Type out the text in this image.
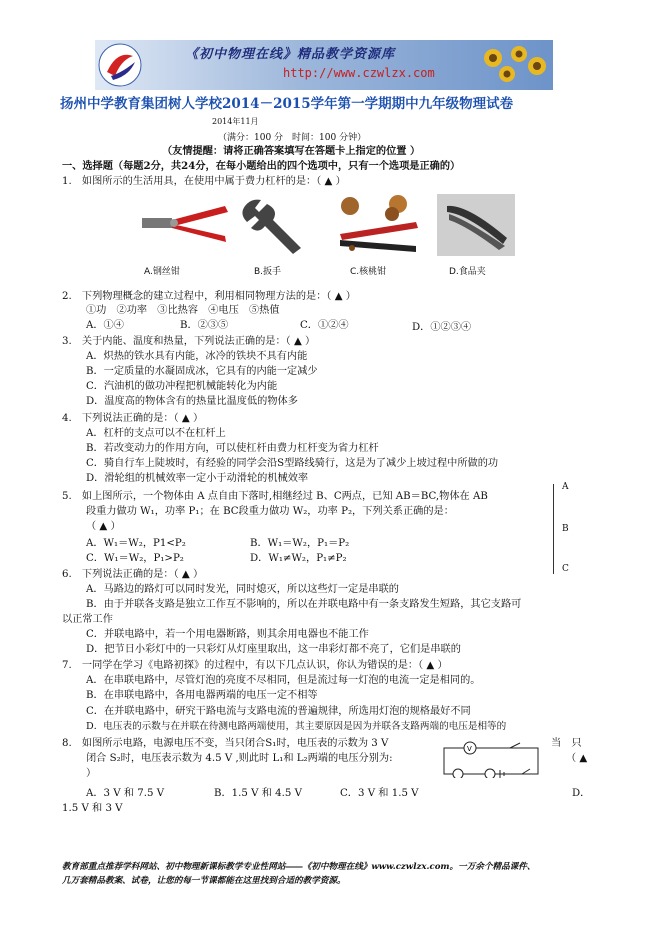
《初中物理在线》精品教学资源库
http://www.czwlzx.com
扬州中学教育集团树人学校2014－2015学年第一学期期中九年级物理试卷
2014年11月
（满分：100 分　时间：100 分钟）
（友情提醒：请将正确答案填写在答题卡上指定的位置 ）
一、选择题（每题2分，共24分，在每小题给出的四个选项中，只有一个选项是正确的）
1.　如图所示的生活用具，在使用中属于费力杠杆的是：（ ▲ ）
A.钢丝钳	B.扳手	C.核桃钳	D.食品夹
2.　下列物理概念的建立过程中，利用相同物理方法的是：（ ▲ ）
①功　②功率　③比热容　④电压　⑤热值
A．①④	B．②③⑤	C．①②④	D．①②③④
3.　关于内能、温度和热量，下列说法正确的是：（ ▲ ）
A．炽热的铁水具有内能，冰冷的铁块不具有内能
B．一定质量的水凝固成冰，它具有的内能一定减少
C．汽油机的做功冲程把机械能转化为内能
D．温度高的物体含有的热量比温度低的物体多
4.　下列说法正确的是：（ ▲ ）
A．杠杆的支点可以不在杠杆上
B．若改变动力的作用方向，可以使杠杆由费力杠杆变为省力杠杆
C．骑自行车上陡坡时，有经验的同学会沿S型路线骑行，这是为了减少上坡过程中所做的功
D．滑轮组的机械效率一定小于动滑轮的机械效率
5.　如上图所示，一个物体由 A 点自由下落时,相继经过 B、C两点，已知 AB＝BC,物体在 AB
段重力做功 W₁，功率 P₁；在 BC段重力做功 W₂，功率 P₂，下列关系正确的是：
（ ▲ ）
A．W₁＝W₂，P1<P₂	B．W₁＝W₂，P₁＝P₂
C．W₁＝W₂，P₁>P₂	D．W₁≠W₂，P₁≠P₂
A
B
C
6.　下列说法正确的是：（ ▲ ）
A．马路边的路灯可以同时发光，同时熄灭，所以这些灯一定是串联的
B．由于并联各支路是独立工作互不影响的，所以在并联电路中有一条支路发生短路，其它支路可
以正常工作
C．并联电路中，若一个用电器断路，则其余用电器也不能工作
D．把节日小彩灯中的一只彩灯从灯座里取出，这一串彩灯都不亮了，它们是串联的
7.　一同学在学习《电路初探》的过程中，有以下几点认识，你认为错误的是：（ ▲ ）
A．在串联电路中，尽管灯泡的亮度不尽相同，但是流过每一灯泡的电流一定是相同的。
B．在串联电路中，各用电器两端的电压一定不相等
C．在并联电路中，研究干路电流与支路电流的普遍规律，所选用灯泡的规格最好不同
D．电压表的示数与在并联在待测电路两端使用，其主要原因是因为并联各支路两端的电压是相等的
8.　如图所示电路，电源电压不变，当只闭合S₁时，电压表的示数为 3 V	当　只
闭合 S₂时，电压表示数为 4.5 V ,则此时 L₁和 L₂两端的电压分别为:	（ ▲
）
V
A．3 V 和 7.5 V	B．1.5 V 和 4.5 V	C．3 V 和 1.5 V	D．
1.5 V 和 3 V
教育部重点推荐学科网站、初中物理新课标教学专业性网站――《初中物理在线》www.czwlzx.com。一万余个精品课件、
几万套精品教案、试卷，让您的每一节课都能在这里找到合适的教学资源。
